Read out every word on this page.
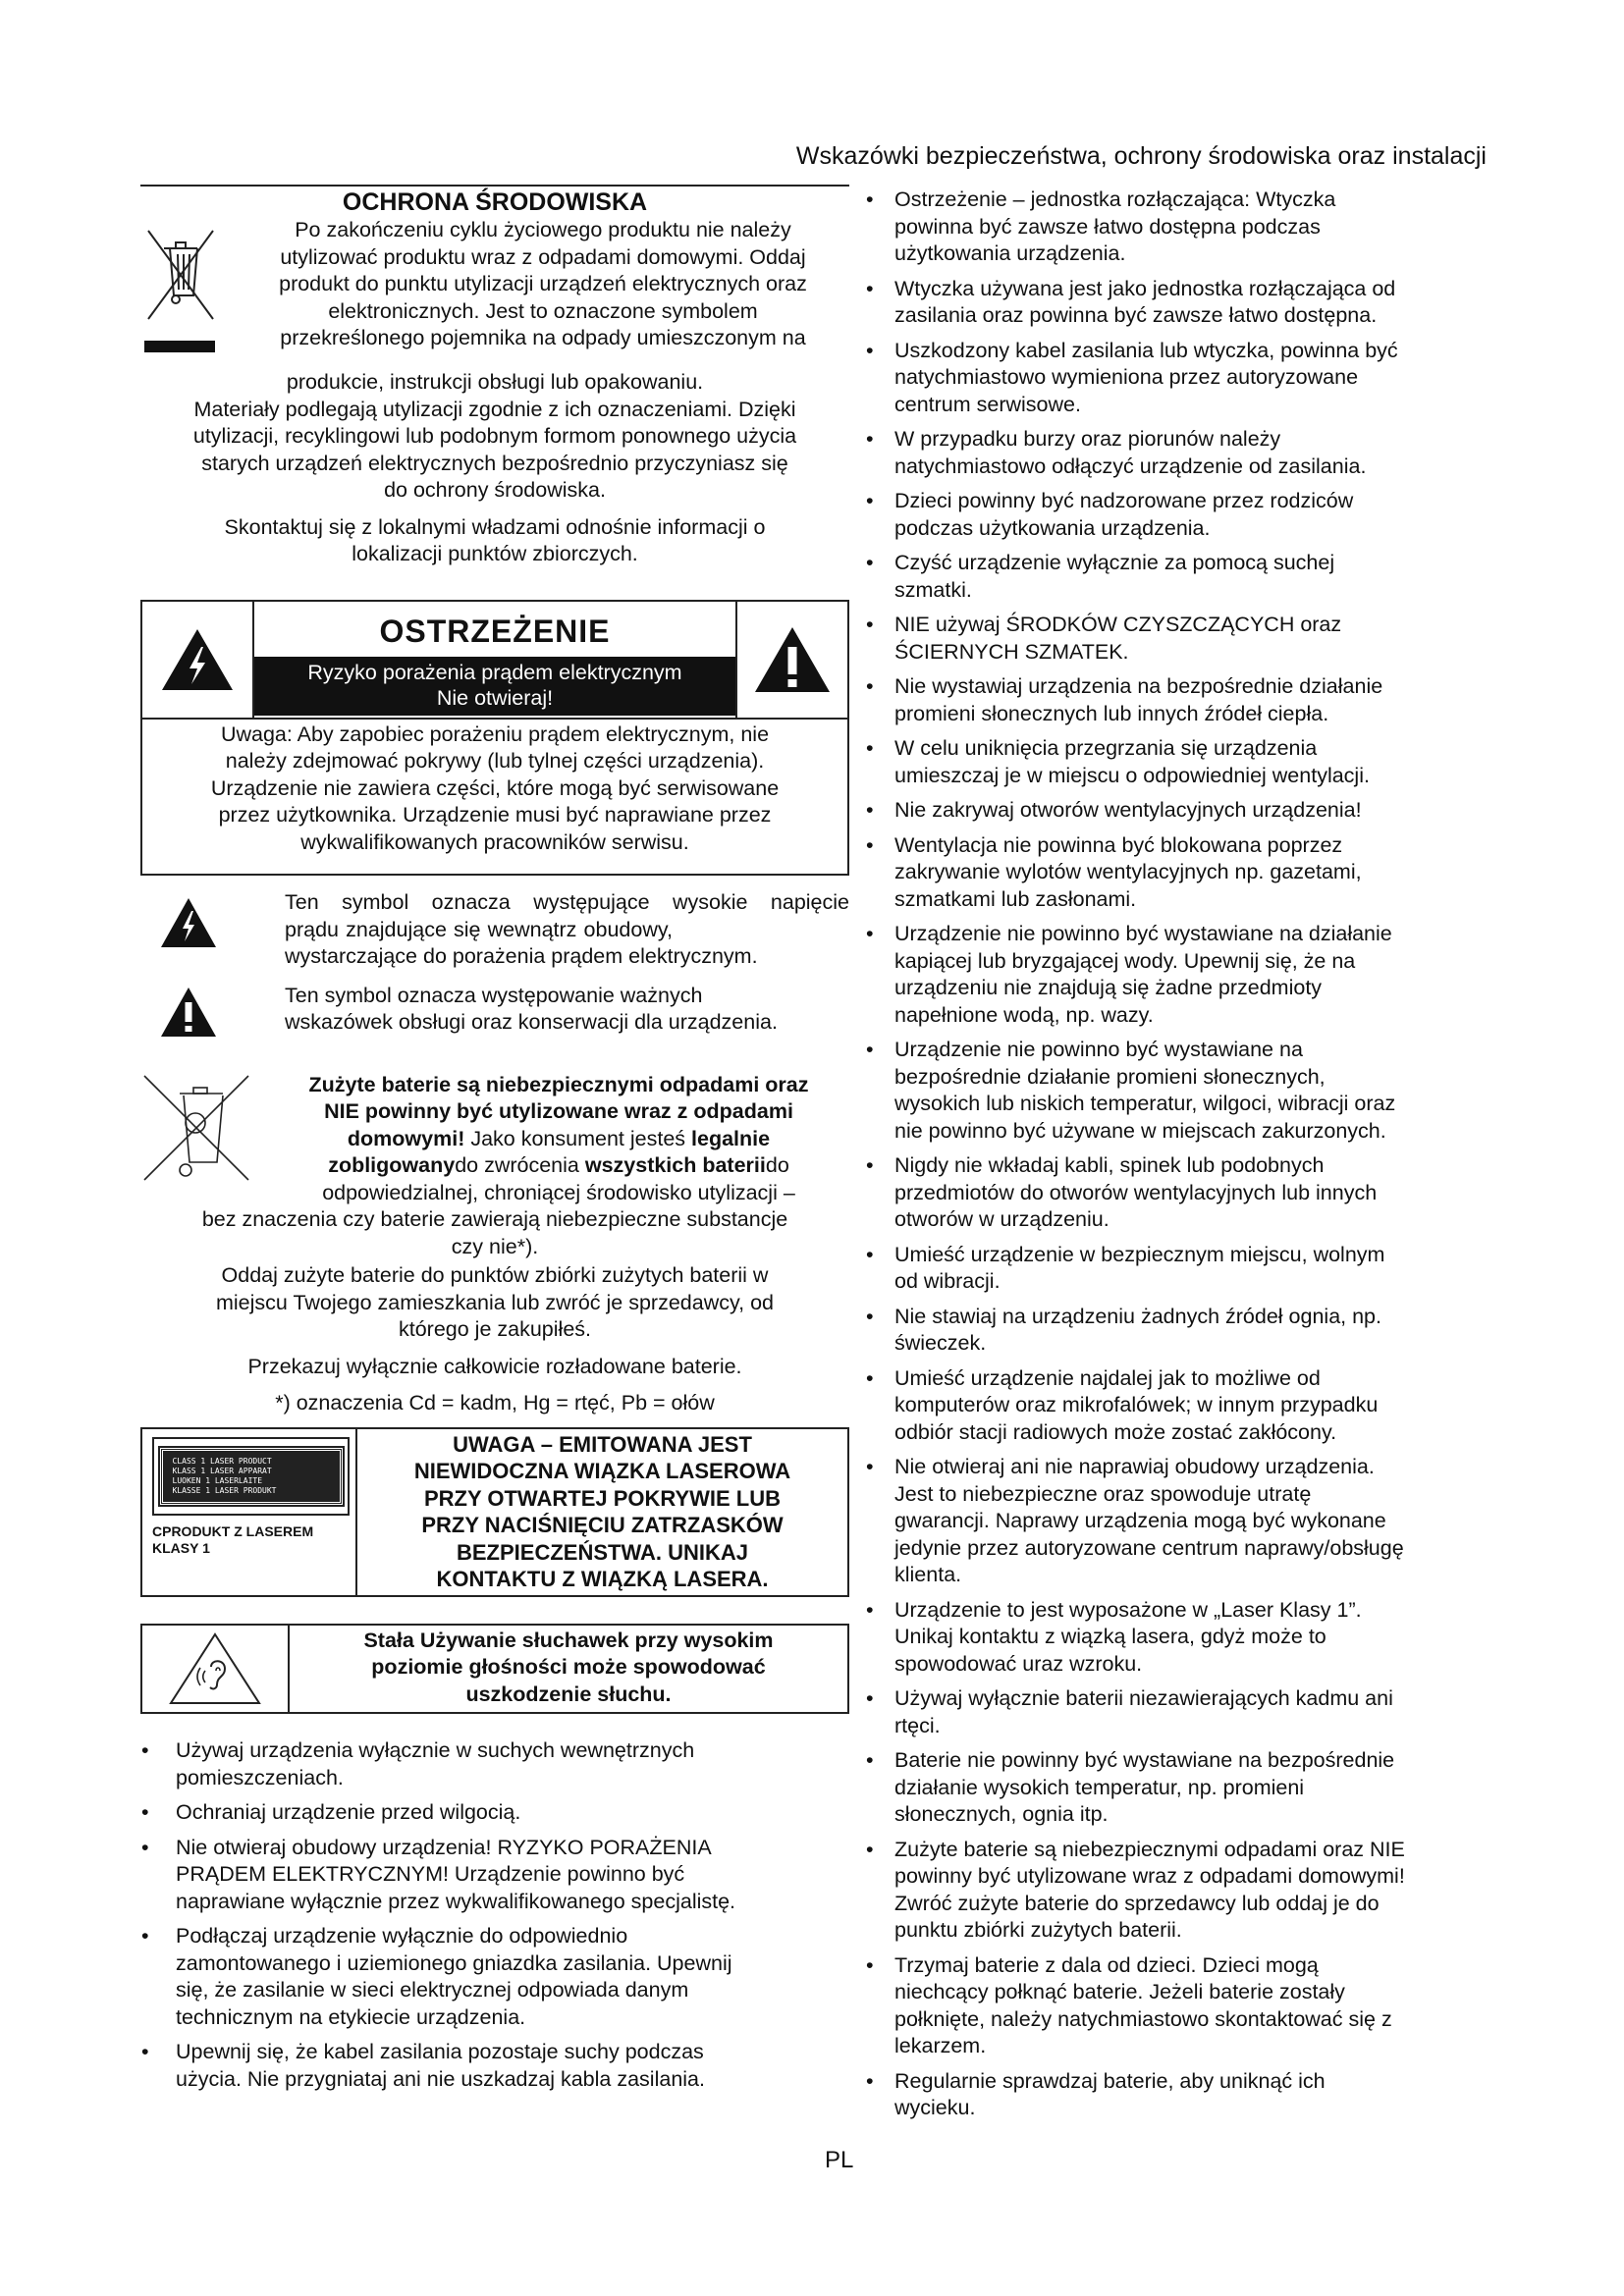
Wskazówki bezpieczeństwa, ochrony środowiska oraz instalacji
OCHRONA ŚRODOWISKA
Po zakończeniu cyklu życiowego produktu nie należy
utylizować produktu wraz z odpadami domowymi. Oddaj
produkt do punktu utylizacji urządzeń elektrycznych oraz
elektronicznych. Jest to oznaczone symbolem
przekreślonego pojemnika na odpady umieszczonym na
produkcie, instrukcji obsługi lub opakowaniu.
Materiały podlegają utylizacji zgodnie z ich oznaczeniami. Dzięki
utylizacji, recyklingowi lub podobnym formom ponownego użycia
starych urządzeń elektrycznych bezpośrednio przyczyniasz się
do ochrony środowiska.
Skontaktuj się z lokalnymi władzami odnośnie informacji o
lokalizacji punktów zbiorczych.
OSTRZEŻENIE
Ryzyko porażenia prądem elektrycznym
Nie otwieraj!
Uwaga: Aby zapobiec porażeniu prądem elektrycznym, nie
należy zdejmować pokrywy (lub tylnej części urządzenia).
Urządzenie nie zawiera części, które mogą być serwisowane
przez użytkownika. Urządzenie musi być naprawiane przez
wykwalifikowanych pracowników serwisu.
Ten symbol oznacza występujące wysokie napięcie
prądu znajdujące się wewnątrz obudowy,
wystarczające do porażenia prądem elektrycznym.
Ten symbol oznacza występowanie ważnych
wskazówek obsługi oraz konserwacji dla urządzenia.
Zużyte baterie są niebezpiecznymi odpadami oraz
NIE powinny być utylizowane wraz z odpadami
domowymi! Jako konsument jesteś legalnie
zobligowanydo zwrócenia wszystkich bateriido
odpowiedzialnej, chroniącej środowisko utylizacji –
bez znaczenia czy baterie zawierają niebezpieczne substancje
czy nie*).
Oddaj zużyte baterie do punktów zbiórki zużytych baterii w
miejscu Twojego zamieszkania lub zwróć je sprzedawcy, od
którego je zakupiłeś.
Przekazuj wyłącznie całkowicie rozładowane baterie.
*) oznaczenia Cd = kadm, Hg = rtęć, Pb = ołów
CLASS 1 LASER PRODUCT
KLASS 1 LASER APPARAT
LUOKEN 1 LASERLAITE
KLASSE 1 LASER PRODUKT
CPRODUKT Z LASEREM
KLASY 1
UWAGA – EMITOWANA JEST
NIEWIDOCZNA WIĄZKA LASEROWA
PRZY OTWARTEJ POKRYWIE LUB
PRZY NACIŚNIĘCIU ZATRZASKÓW
BEZPIECZEŃSTWA. UNIKAJ
KONTAKTU Z WIĄZKĄ LASERA.
Stała Używanie słuchawek przy wysokim
poziomie głośności może spowodować
uszkodzenie słuchu.
•	Używaj urządzenia wyłącznie w suchych wewnętrznych
pomieszczeniach.
•	Ochraniaj urządzenie przed wilgocią.
•	Nie otwieraj obudowy urządzenia! RYZYKO PORAŻENIA
PRĄDEM ELEKTRYCZNYM! Urządzenie powinno być
naprawiane wyłącznie przez wykwalifikowanego specjalistę.
•	Podłączaj urządzenie wyłącznie do odpowiednio
zamontowanego i uziemionego gniazdka zasilania. Upewnij
się, że zasilanie w sieci elektrycznej odpowiada danym
technicznym na etykiecie urządzenia.
•	Upewnij się, że kabel zasilania pozostaje suchy podczas
użycia. Nie przygniataj ani nie uszkadzaj kabla zasilania.
• Ostrzeżenie – jednostka rozłączająca: Wtyczka
powinna być zawsze łatwo dostępna podczas
użytkowania urządzenia.
• Wtyczka używana jest jako jednostka rozłączająca od
zasilania oraz powinna być zawsze łatwo dostępna.
• Uszkodzony kabel zasilania lub wtyczka, powinna być
natychmiastowo wymieniona przez autoryzowane
centrum serwisowe.
• W przypadku burzy oraz piorunów należy
natychmiastowo odłączyć urządzenie od zasilania.
• Dzieci powinny być nadzorowane przez rodziców
podczas użytkowania urządzenia.
• Czyść urządzenie wyłącznie za pomocą suchej
szmatki.
• NIE używaj ŚRODKÓW CZYSZCZĄCYCH oraz
ŚCIERNYCH SZMATEK.
• Nie wystawiaj urządzenia na bezpośrednie działanie
promieni słonecznych lub innych źródeł ciepła.
• W celu uniknięcia przegrzania się urządzenia
umieszczaj je w miejscu o odpowiedniej wentylacji.
• Nie zakrywaj otworów wentylacyjnych urządzenia!
• Wentylacja nie powinna być blokowana poprzez
zakrywanie wylotów wentylacyjnych np. gazetami,
szmatkami lub zasłonami.
• Urządzenie nie powinno być wystawiane na działanie
kapiącej lub bryzgającej wody. Upewnij się, że na
urządzeniu nie znajdują się żadne przedmioty
napełnione wodą, np. wazy.
• Urządzenie nie powinno być wystawiane na
bezpośrednie działanie promieni słonecznych,
wysokich lub niskich temperatur, wilgoci, wibracji oraz
nie powinno być używane w miejscach zakurzonych.
• Nigdy nie wkładaj kabli, spinek lub podobnych
przedmiotów do otworów wentylacyjnych lub innych
otworów w urządzeniu.
• Umieść urządzenie w bezpiecznym miejscu, wolnym
od wibracji.
• Nie stawiaj na urządzeniu żadnych źródeł ognia, np.
świeczek.
• Umieść urządzenie najdalej jak to możliwe od
komputerów oraz mikrofalówek; w innym przypadku
odbiór stacji radiowych może zostać zakłócony.
• Nie otwieraj ani nie naprawiaj obudowy urządzenia.
Jest to niebezpieczne oraz spowoduje utratę
gwarancji. Naprawy urządzenia mogą być wykonane
jedynie przez autoryzowane centrum naprawy/obsługę
klienta.
• Urządzenie to jest wyposażone w „Laser Klasy 1”.
Unikaj kontaktu z wiązką lasera, gdyż może to
spowodować uraz wzroku.
• Używaj wyłącznie baterii niezawierających kadmu ani
rtęci.
• Baterie nie powinny być wystawiane na bezpośrednie
działanie wysokich temperatur, np. promieni
słonecznych, ognia itp.
• Zużyte baterie są niebezpiecznymi odpadami oraz NIE
powinny być utylizowane wraz z odpadami domowymi!
Zwróć zużyte baterie do sprzedawcy lub oddaj je do
punktu zbiórki zużytych baterii.
• Trzymaj baterie z dala od dzieci. Dzieci mogą
niechcący połknąć baterie. Jeżeli baterie zostały
połknięte, należy natychmiastowo skontaktować się z
lekarzem.
• Regularnie sprawdzaj baterie, aby uniknąć ich
wycieku.
PL
